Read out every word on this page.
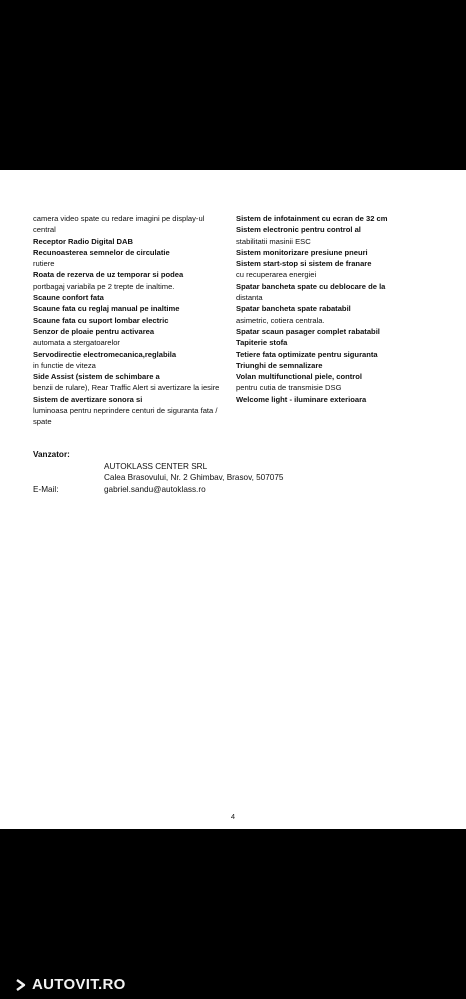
camera video spate cu redare imagini pe display-ul
central
Receptor Radio Digital DAB
Recunoasterea semnelor de circulatie
rutiere
Roata de rezerva de uz temporar si podea
portbagaj variabila pe 2 trepte de inaltime.
Scaune confort fata
Scaune fata cu reglaj manual pe inaltime
Scaune fata cu suport lombar electric
Senzor de ploaie pentru activarea
automata a stergatoarelor
Servodirectie electromecanica,reglabila
in functie de viteza
Side Assist (sistem de schimbare a
benzii de rulare), Rear Traffic Alert si avertizare la iesire
Sistem de avertizare sonora si
luminoasa pentru neprindere centuri de siguranta fata /
spate
Sistem de infotainment cu ecran de 32 cm
Sistem electronic pentru control al
stabilitatii masinii ESC
Sistem monitorizare presiune pneuri
Sistem start-stop si sistem de franare
cu recuperarea energiei
Spatar bancheta spate cu deblocare de la
distanta
Spatar bancheta spate rabatabil
asimetric, cotiera centrala.
Spatar scaun pasager complet rabatabil
Tapiterie stofa
Tetiere fata optimizate pentru siguranta
Triunghi de semnalizare
Volan multifunctional piele, control
pentru cutia de transmisie DSG
Welcome light - iluminare exterioara
Vanzator:
AUTOKLASS CENTER SRL
Calea Brasovului, Nr. 2 Ghimbav, Brasov, 507075
E-Mail:	gabriel.sandu@autoklass.ro
4
AUTOVIT.RO
